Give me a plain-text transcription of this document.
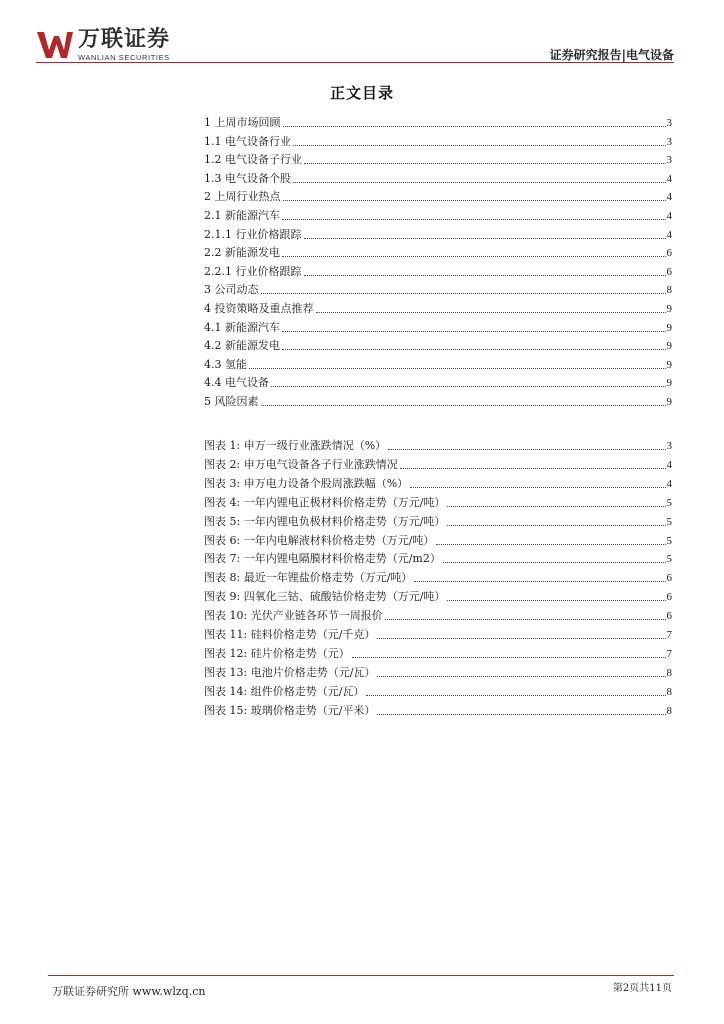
万联证券
WANLIAN SECURITIES	证券研究报告|电气设备
正文目录
1 上周市场回顾	3
1.1 电气设备行业	3
1.2 电气设备子行业	3
1.3 电气设备个股	4
2 上周行业热点	4
2.1 新能源汽车	4
2.1.1 行业价格跟踪	4
2.2 新能源发电	6
2.2.1 行业价格跟踪	6
3 公司动态	8
4 投资策略及重点推荐	9
4.1 新能源汽车	9
4.2 新能源发电	9
4.3 氢能	9
4.4 电气设备	9
5 风险因素	9
图表 1: 申万一级行业涨跌情况（%）	3
图表 2: 申万电气设备各子行业涨跌情况	4
图表 3: 申万电力设备个股周涨跌幅（%）	4
图表 4: 一年内锂电正极材料价格走势（万元/吨）	5
图表 5: 一年内锂电负极材料价格走势（万元/吨）	5
图表 6: 一年内电解液材料价格走势（万元/吨）	5
图表 7: 一年内锂电隔膜材料价格走势（元/m2）	5
图表 8: 最近一年锂盐价格走势（万元/吨）	6
图表 9: 四氧化三钴、硫酸钴价格走势（万元/吨）	6
图表 10: 光伏产业链各环节一周报价	6
图表 11: 硅料价格走势（元/千克）	7
图表 12: 硅片价格走势（元）	7
图表 13: 电池片价格走势（元/瓦）	8
图表 14: 组件价格走势（元/瓦）	8
图表 15: 玻璃价格走势（元/平米）	8
万联证券研究所 www.wlzq.cn	第2页共11页
